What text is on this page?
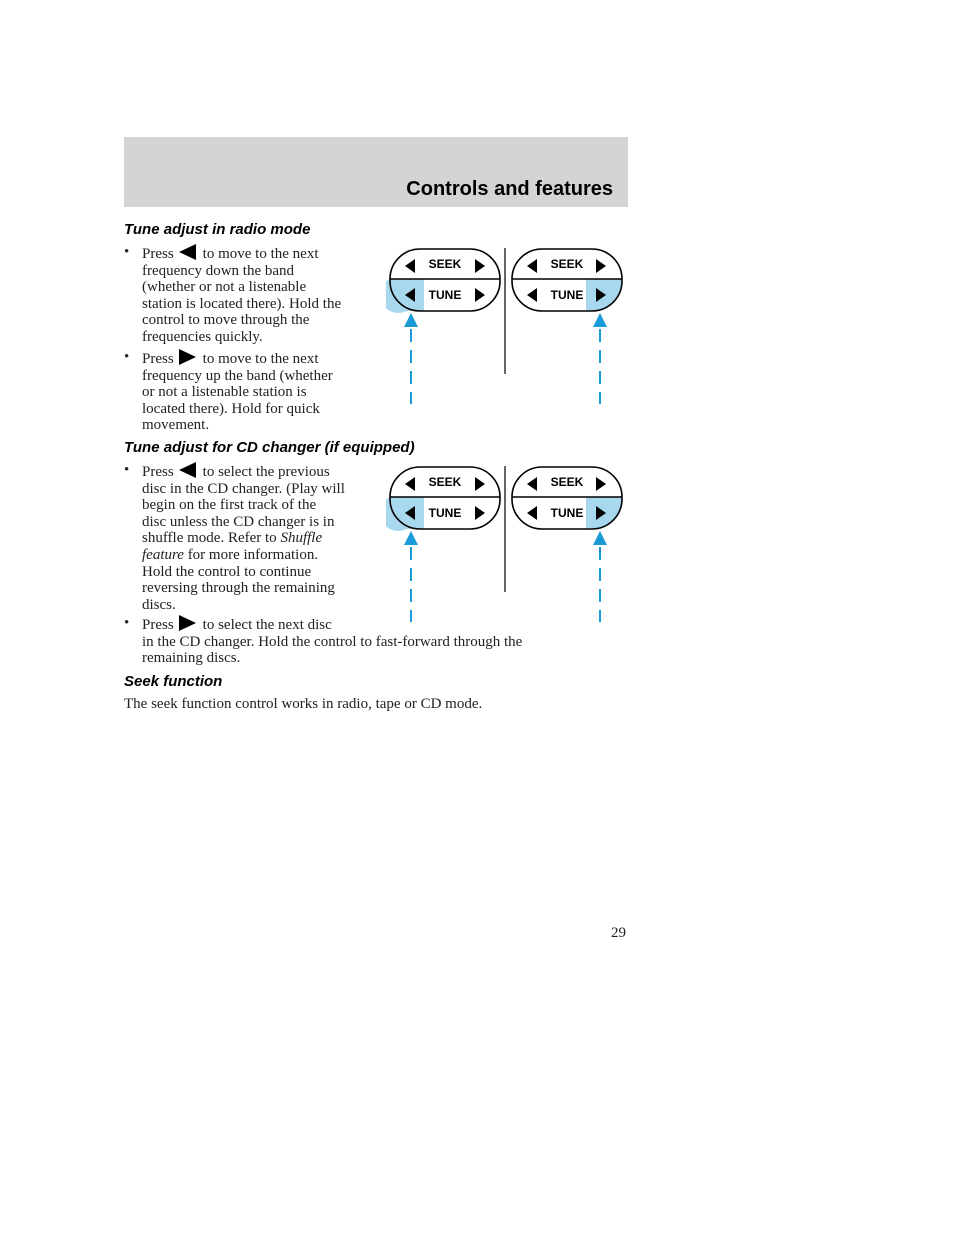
Controls and features
Tune adjust in radio mode
• Press to move to the next
frequency down the band
(whether or not a listenable
station is located there). Hold the
control to move through the
frequencies quickly.
• Press to move to the next
frequency up the band (whether
or not a listenable station is
located there). Hold for quick
movement.
SEEK
TUNE
SEEK
TUNE
Tune adjust for CD changer (if equipped)
• Press to select the previous
disc in the CD changer. (Play will
begin on the first track of the
disc unless the CD changer is in
shuffle mode. Refer to Shuffle
feature for more information.
Hold the control to continue
reversing through the remaining
discs.
• Press to select the next disc
in the CD changer. Hold the control to fast-forward through the
remaining discs.
SEEK
TUNE
SEEK
TUNE
Seek function
The seek function control works in radio, tape or CD mode.
29
